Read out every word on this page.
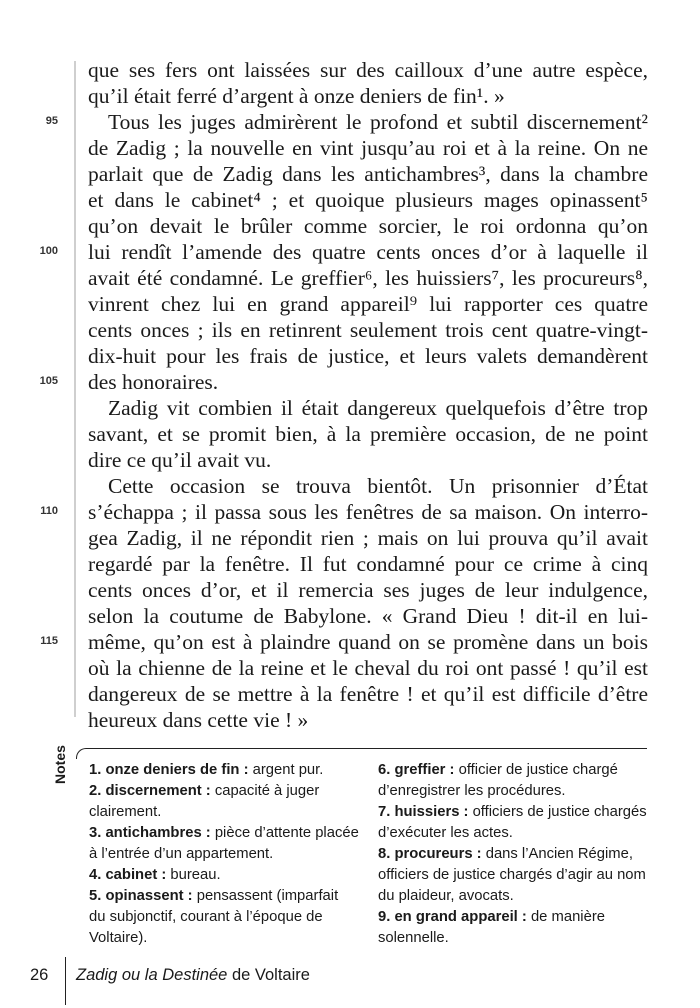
que ses fers ont laissées sur des cailloux d’une autre espèce,
qu’il était ferré d’argent à onze deniers de fin¹. »
Tous les juges admirèrent le profond et subtil discernement²
de Zadig ; la nouvelle en vint jusqu’au roi et à la reine. On ne
parlait que de Zadig dans les antichambres³, dans la chambre
et dans le cabinet⁴ ; et quoique plusieurs mages opinassent⁵
qu’on devait le brûler comme sorcier, le roi ordonna qu’on
lui rendît l’amende des quatre cents onces d’or à laquelle il
avait été condamné. Le greffier⁶, les huissiers⁷, les procureurs⁸,
vinrent chez lui en grand appareil⁹ lui rapporter ces quatre
cents onces ; ils en retinrent seulement trois cent quatre-vingt-
dix-huit pour les frais de justice, et leurs valets demandèrent
des honoraires.
Zadig vit combien il était dangereux quelquefois d’être trop
savant, et se promit bien, à la première occasion, de ne point
dire ce qu’il avait vu.
Cette occasion se trouva bientôt. Un prisonnier d’État
s’échappa ; il passa sous les fenêtres de sa maison. On interro-
gea Zadig, il ne répondit rien ; mais on lui prouva qu’il avait
regardé par la fenêtre. Il fut condamné pour ce crime à cinq
cents onces d’or, et il remercia ses juges de leur indulgence,
selon la coutume de Babylone. « Grand Dieu ! dit-il en lui-
même, qu’on est à plaindre quand on se promène dans un bois
où la chienne de la reine et le cheval du roi ont passé ! qu’il est
dangereux de se mettre à la fenêtre ! et qu’il est difficile d’être
heureux dans cette vie ! »
95
100
105
110
115
Notes 1. onze deniers de fin : argent pur.
2. discernement : capacité à juger
clairement.
3. antichambres : pièce d’attente placée
à l’entrée d’un appartement.
4. cabinet : bureau.
5. opinassent : pensassent (imparfait
du subjonctif, courant à l’époque de
Voltaire).
6. greffier : officier de justice chargé
d’enregistrer les procédures.
7. huissiers : officiers de justice chargés
d’exécuter les actes.
8. procureurs : dans l’Ancien Régime,
officiers de justice chargés d’agir au nom
du plaideur, avocats.
9. en grand appareil : de manière
solennelle.
26 Zadig ou la Destinée de Voltaire
